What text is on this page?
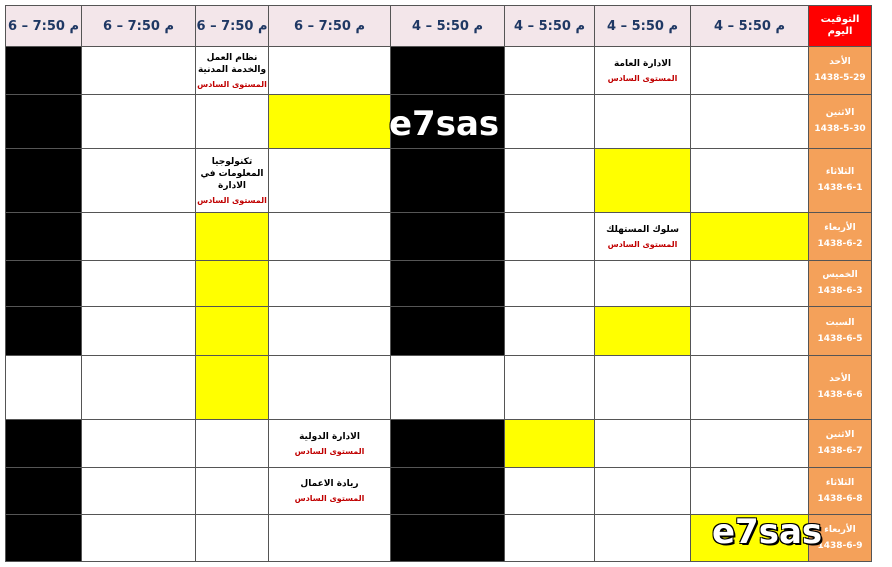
التوقيت
اليوم
4 – 5:50 م
4 – 5:50 م
4 – 5:50 م
4 – 5:50 م
6 – 7:50 م
6 – 7:50 م
6 – 7:50 م
6 – 7:50 م
الأحد
1438-5-29
الادارة العامة
المستوى السادس
نظام العمل والخدمة المدنية
المستوى السادس
الاثنين
1438-5-30
الثلاثاء
1438-6-1
تكنولوجيا المعلومات في الادارة
المستوى السادس
الأربعاء
1438-6-2
سلوك المستهلك
المستوى السادس
الخميس
1438-6-3
السبت
1438-6-5
الأحد
1438-6-6
الاثنين
1438-6-7
الادارة الدولية
المستوى السادس
الثلاثاء
1438-6-8
ريادة الاعمال
المستوى السادس
الأربعاء
1438-6-9
e7sas
e7sas
